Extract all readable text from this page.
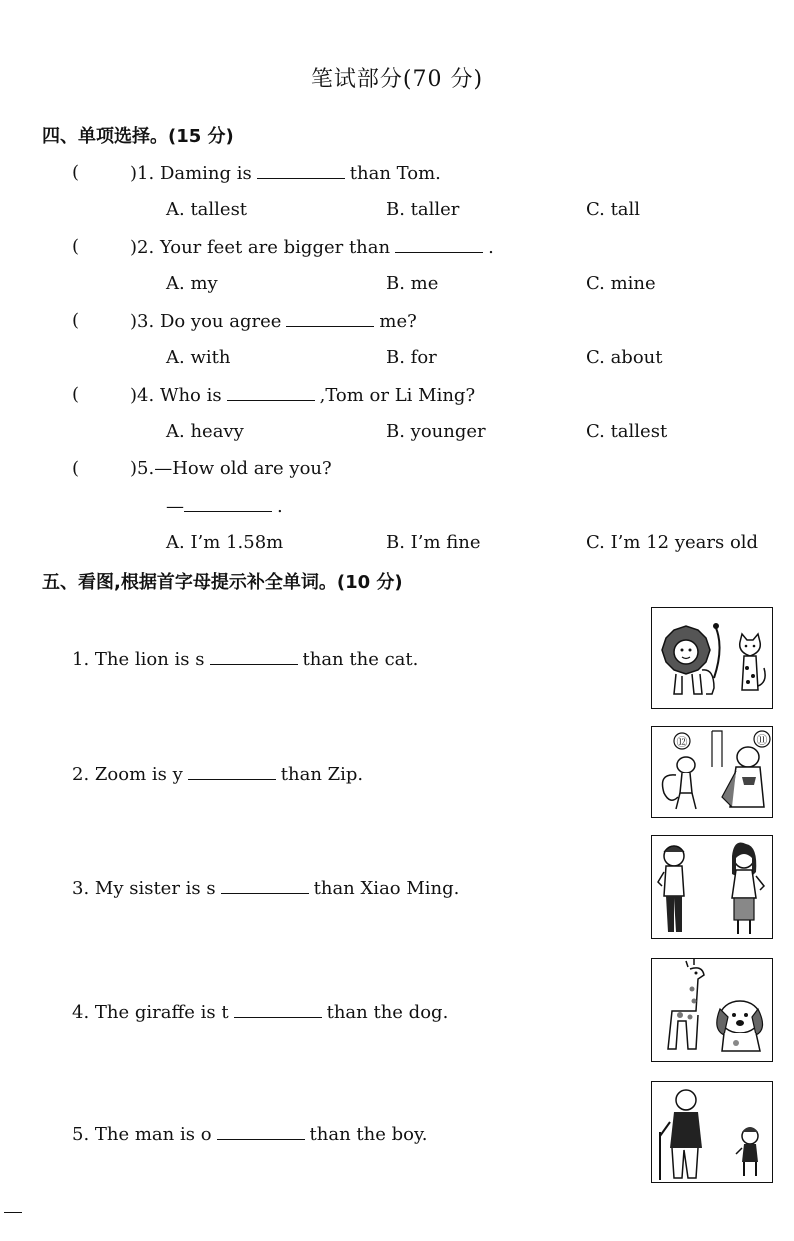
笔试部分(70 分)
四、单项选择。(15 分)
(	)1. Daming is	than Tom.
A. tallest	B. taller	C. tall
(	)2. Your feet are bigger than	.
A. my	B. me	C. mine
(	)3. Do you agree	me?
A. with	B. for	C. about
(	)4. Who is	,Tom or Li Ming?
A. heavy	B. younger	C. tallest
(	)5.—How old are you?
—	.
A. I’m 1.58m	B. I’m fine	C. I’m 12 years old
五、看图,根据首字母提示补全单词。(10 分)
1. The lion is s	than the cat.
2. Zoom is y	than Zip.
3. My sister is s	than Xiao Ming.
4. The giraffe is t	than the dog.
5. The man is o	than the boy.
⑫	⑪
